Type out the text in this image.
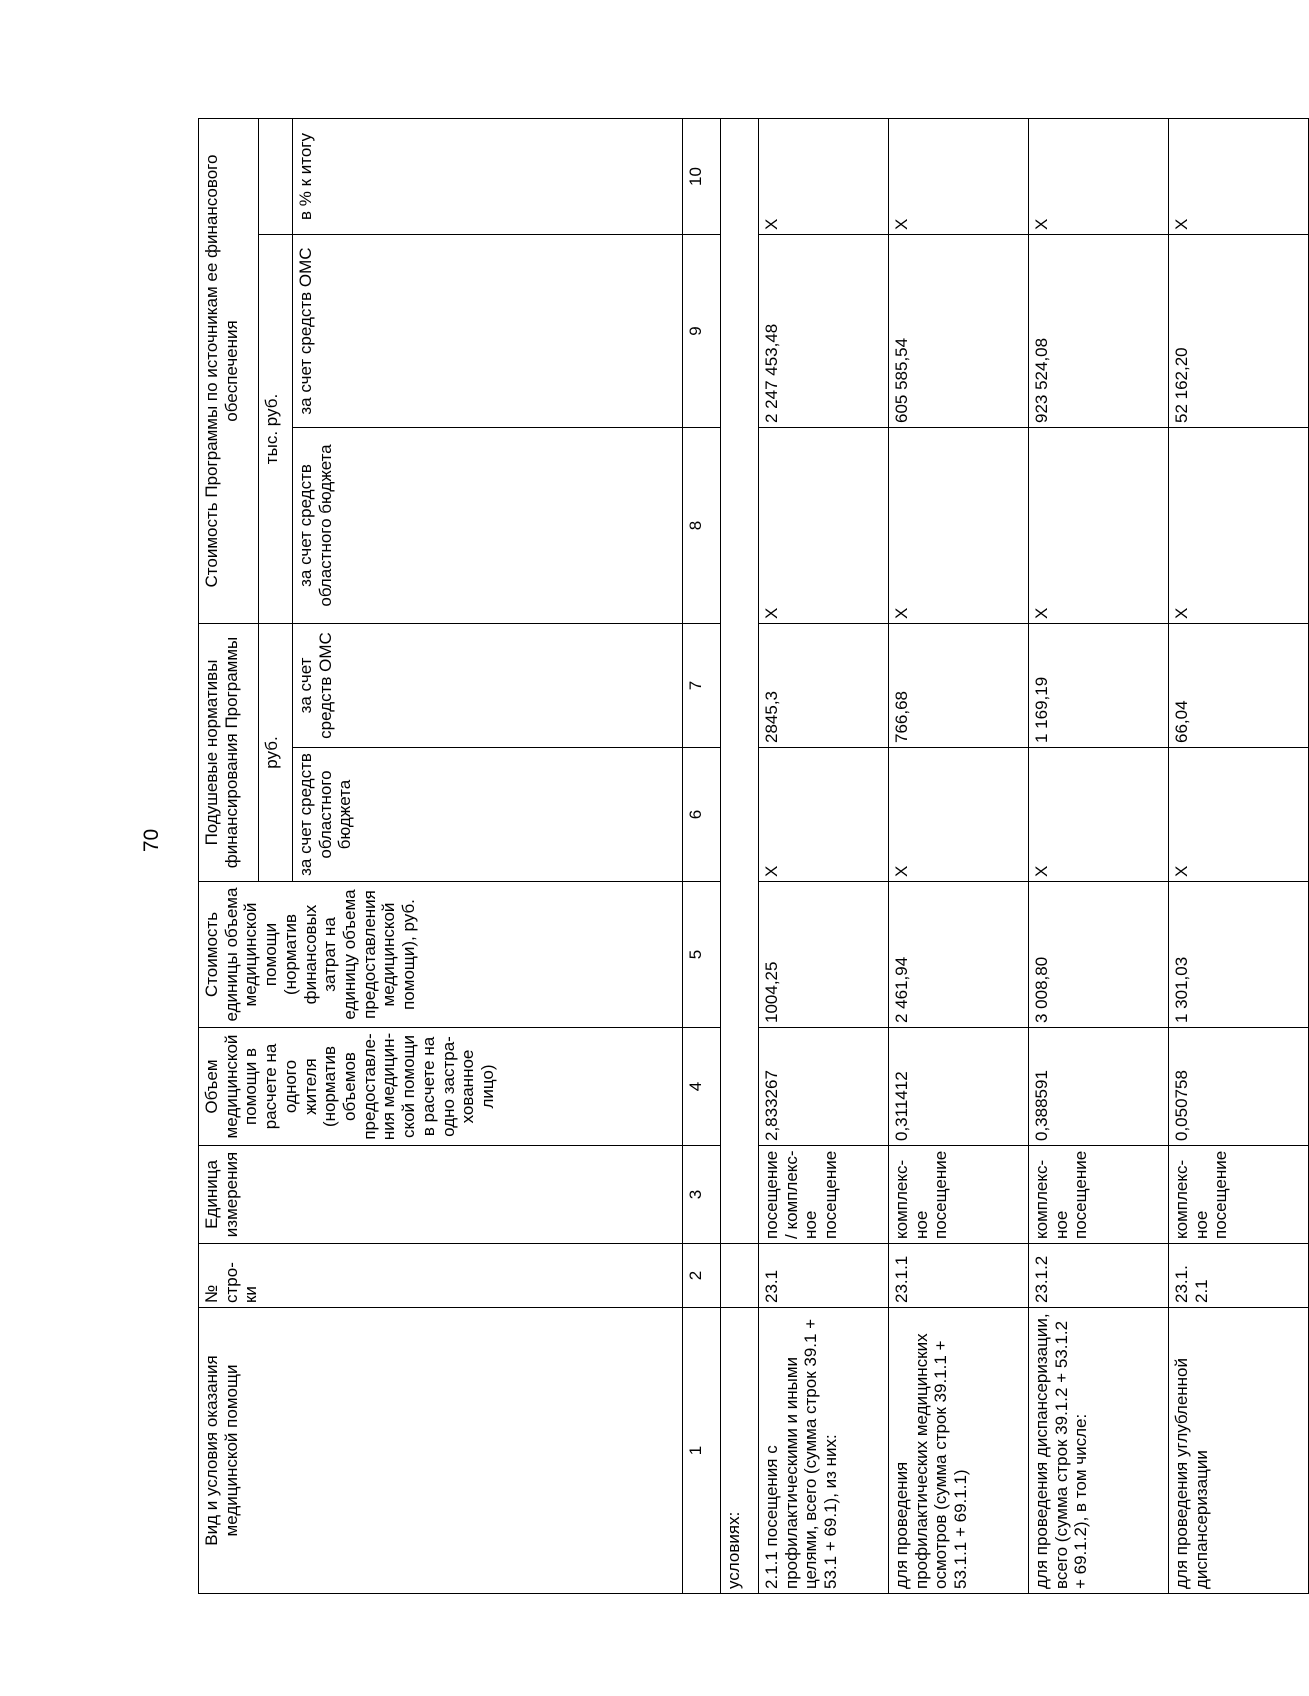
70
Вид и условия оказания медицинской помощи	№ стро-ки	Единица измерения	Объем медицинской помощи в расчете на одного жителя (норматив объемов предоставле-ния медицин-ской помощи в расчете на одно застра-хованное лицо)	Стоимость единицы объема медицинской помощи (норматив финансовых затрат на единицу объема предоставления медицинской помощи), руб.	Подушевые нормативы финансирования Программы		Стоимость Программы по источникам ее финансового обеспечения		
					руб.		тыс. руб.		
					за счет средств областного бюджета	за счет средств ОМС	за счет средств областного бюджета	за счет средств ОМС	в % к итогу
1	2	3	4	5	6	7	8	9	10
условиях:									
2.1.1 посещения с профилактическими и иными целями, всего (сумма строк 39.1 + 53.1 + 69.1), из них:	23.1	посещение/ комплекс-ное посещение	2,833267	1004,25	X	2845,3	X	2 247 453,48	X
для проведения профилактических медицинских осмотров (сумма строк 39.1.1 + 53.1.1 + 69.1.1)	23.1.1	комплекс-ное посещение	0,311412	2 461,94	X	766,68	X	605 585,54	X
для проведения диспансеризации, всего (сумма строк 39.1.2 + 53.1.2 + 69.1.2), в том числе:	23.1.2	комплекс-ное посещение	0,388591	3 008,80	X	1 169,19	X	923 524,08	X
для проведения углубленной диспансеризации	23.1. 2.1	комплекс-ное посещение	0,050758	1 301,03	X	66,04	X	52 162,20	X
